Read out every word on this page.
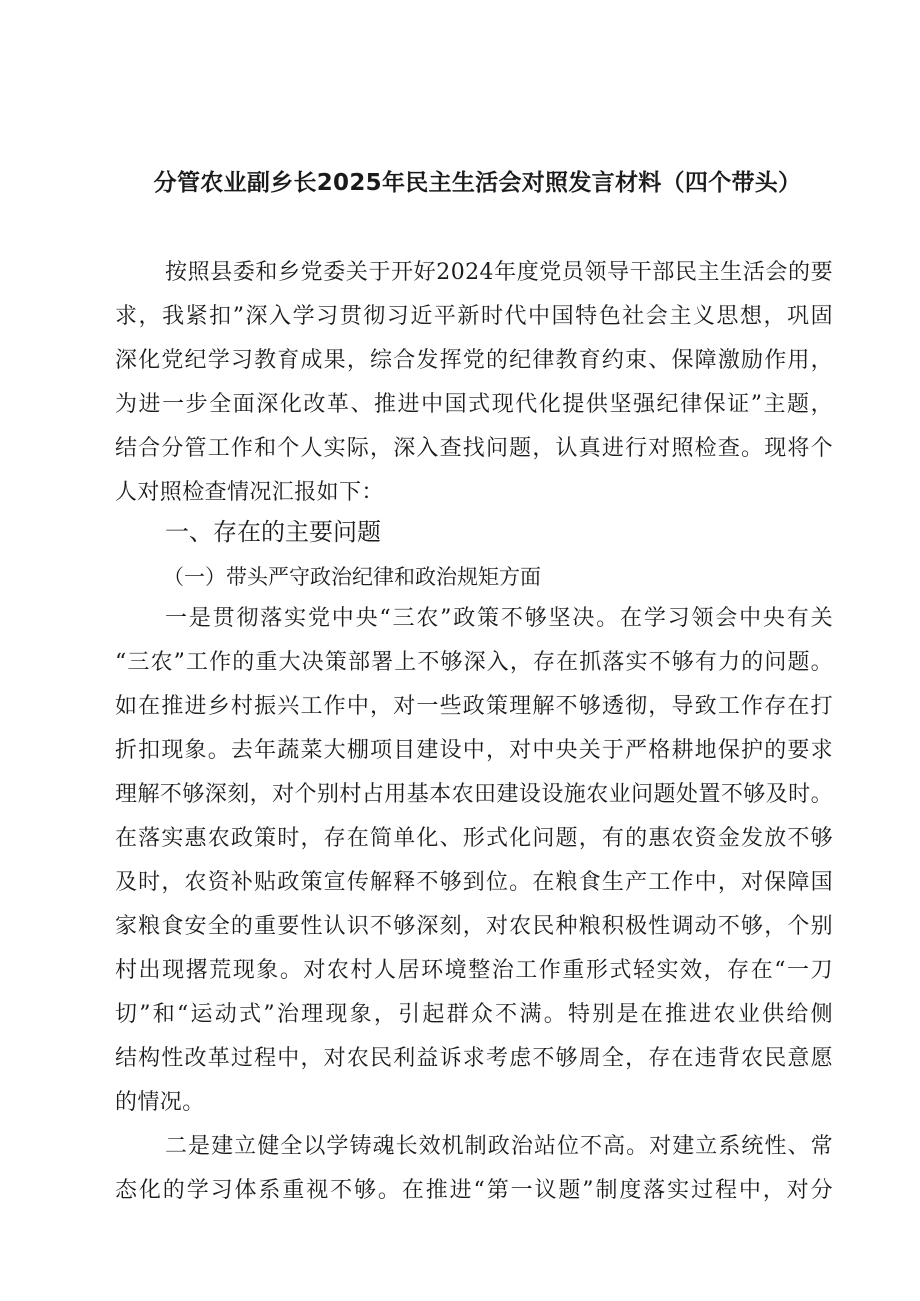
分管农业副乡长2025年民主生活会对照发言材料（四个带头）
按照县委和乡党委关于开好2024年度党员领导干部民主生活会的要
求，我紧扣”深入学习贯彻习近平新时代中国特色社会主义思想，巩固
深化党纪学习教育成果，综合发挥党的纪律教育约束、保障激励作用，
为进一步全面深化改革、推进中国式现代化提供坚强纪律保证”主题，
结合分管工作和个人实际，深入查找问题，认真进行对照检查。现将个
人对照检查情况汇报如下：
一、存在的主要问题
（一）带头严守政治纪律和政治规矩方面
一是贯彻落实党中央“三农”政策不够坚决。在学习领会中央有关
“三农”工作的重大决策部署上不够深入，存在抓落实不够有力的问题。
如在推进乡村振兴工作中，对一些政策理解不够透彻，导致工作存在打
折扣现象。去年蔬菜大棚项目建设中，对中央关于严格耕地保护的要求
理解不够深刻，对个别村占用基本农田建设设施农业问题处置不够及时。
在落实惠农政策时，存在简单化、形式化问题，有的惠农资金发放不够
及时，农资补贴政策宣传解释不够到位。在粮食生产工作中，对保障国
家粮食安全的重要性认识不够深刻，对农民种粮积极性调动不够，个别
村出现撂荒现象。对农村人居环境整治工作重形式轻实效，存在“一刀
切”和“运动式”治理现象，引起群众不满。特别是在推进农业供给侧
结构性改革过程中，对农民利益诉求考虑不够周全，存在违背农民意愿
的情况。
二是建立健全以学铸魂长效机制政治站位不高。对建立系统性、常
态化的学习体系重视不够。在推进“第一议题”制度落实过程中，对分
